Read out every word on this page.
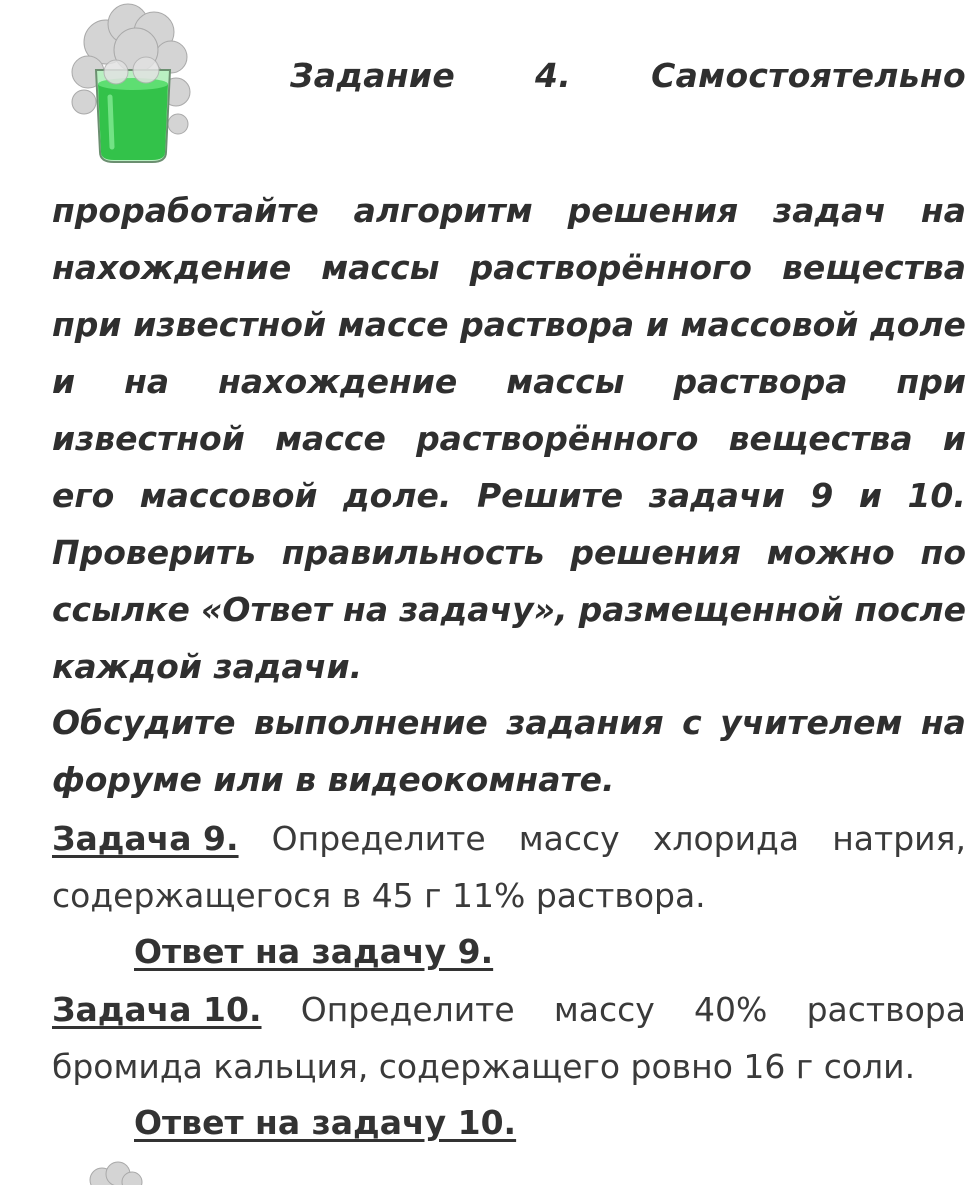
Задание 4. Самостоятельно
проработайте алгоритм решения задач на
нахождение массы растворённого вещества
при известной массе раствора и массовой доле
и на нахождение массы раствора при
известной массе растворённого вещества и
его массовой доле. Решите задачи 9 и 10.
Проверить правильность решения можно по
ссылке «Ответ на задачу», размещенной после
каждой задачи.
Обсудите выполнение задания с учителем на
форуме или в видеокомнате.
Задача 9. Определите массу хлорида натрия,
содержащегося в 45 г 11% раствора.
Ответ на задачу 9.
Задача 10. Определите массу 40% раствора
бромида кальция, содержащего ровно 16 г соли.
Ответ на задачу 10.
